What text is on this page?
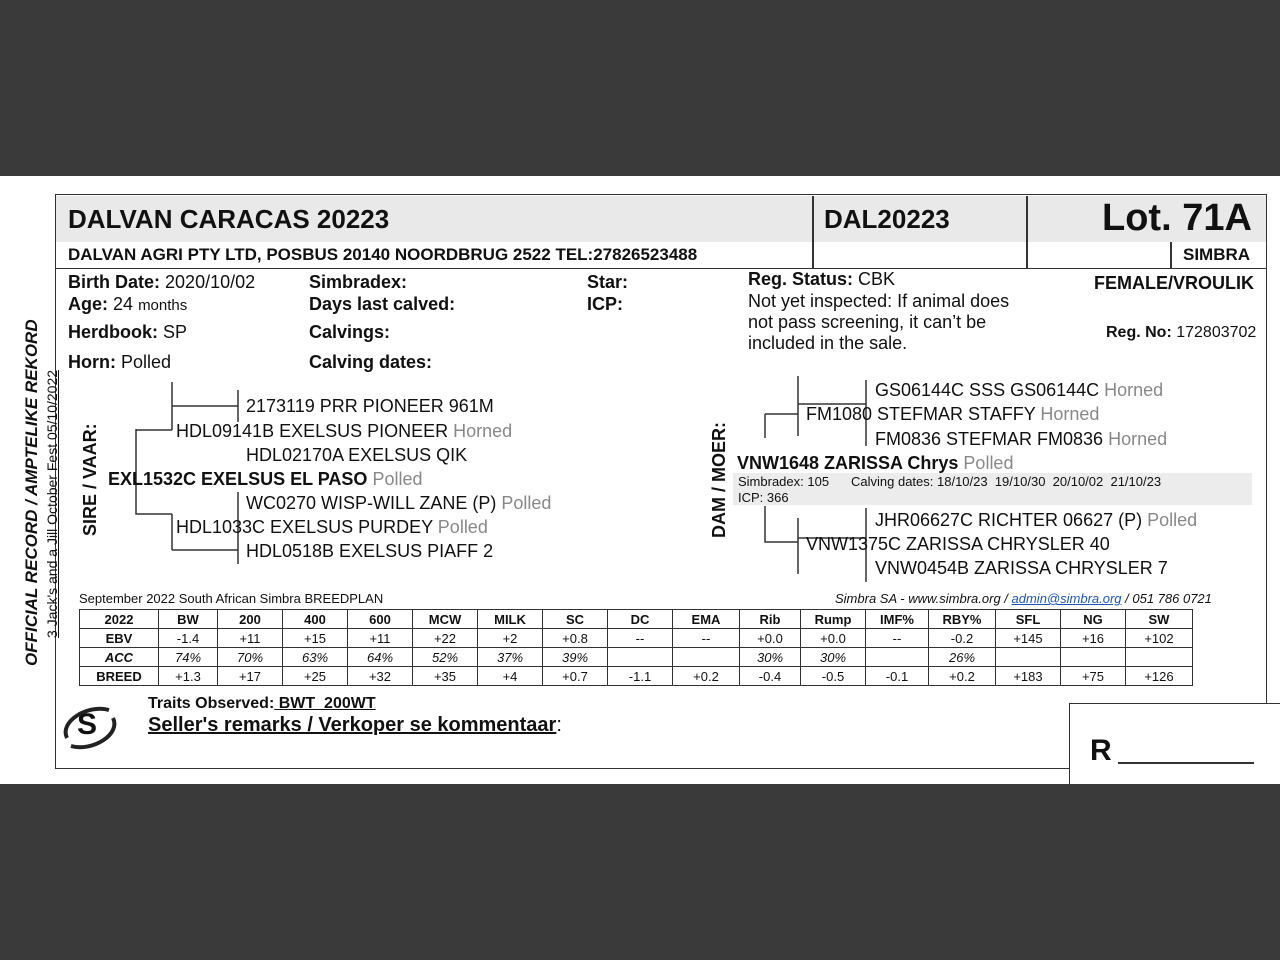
DALVAN CARACAS 20223	DAL20223	Lot. 71A
DALVAN AGRI PTY LTD, POSBUS 20140 NOORDBRUG 2522 TEL:27826523488	SIMBRA
OFFICIAL RECORD / AMPTELIKE REKORD 3 Jack's and a Jill October Fest 05/10/2022
Birth Date: 2020/10/02
Age: 24 months
Herdbook: SP
Horn: Polled
Simbradex:
Days last calved:
Calvings:
Calving dates:
Star:
ICP:
Reg. Status: CBK
Not yet inspected: If animal does
not pass screening, it can’t be
included in the sale.
FEMALE/VROULIK
Reg. No: 172803702
SIRE / VAAR:
2173119 PRR PIONEER 961M
HDL09141B EXELSUS PIONEER Horned
HDL02170A EXELSUS QIK
EXL1532C EXELSUS EL PASO Polled
WC0270 WISP-WILL ZANE (P) Polled
HDL1033C EXELSUS PURDEY Polled
HDL0518B EXELSUS PIAFF 2
DAM / MOER:
GS06144C SSS GS06144C Horned
FM1080 STEFMAR STAFFY Horned
FM0836 STEFMAR FM0836 Horned
VNW1648 ZARISSA Chrys Polled
Simbradex: 105 Calving dates: 18/10/23  19/10/30  20/10/02  21/10/23
ICP: 366
JHR06627C RICHTER 06627 (P) Polled
VNW1375C ZARISSA CHRYSLER 40
VNW0454B ZARISSA CHRYSLER 7
September 2022 South African Simbra BREEDPLAN	Simbra SA - www.simbra.org / admin@simbra.org / 051 786 0721
2022	BW	200	400	600	MCW	MILK	SC	DC	EMA	Rib	Rump	IMF%	RBY%	SFL	NG	SW
EBV	-1.4	+11	+15	+11	+22	+2	+0.8	--	--	+0.0	+0.0	--	-0.2	+145	+16	+102
ACC	74%	70%	63%	64%	52%	37%	39%			30%	30%		26%			
BREED	+1.3	+17	+25	+32	+35	+4	+0.7	-1.1	+0.2	-0.4	-0.5	-0.1	+0.2	+183	+75	+126
R
S
Traits Observed: BWT  200WT
Seller's remarks / Verkoper se kommentaar:
